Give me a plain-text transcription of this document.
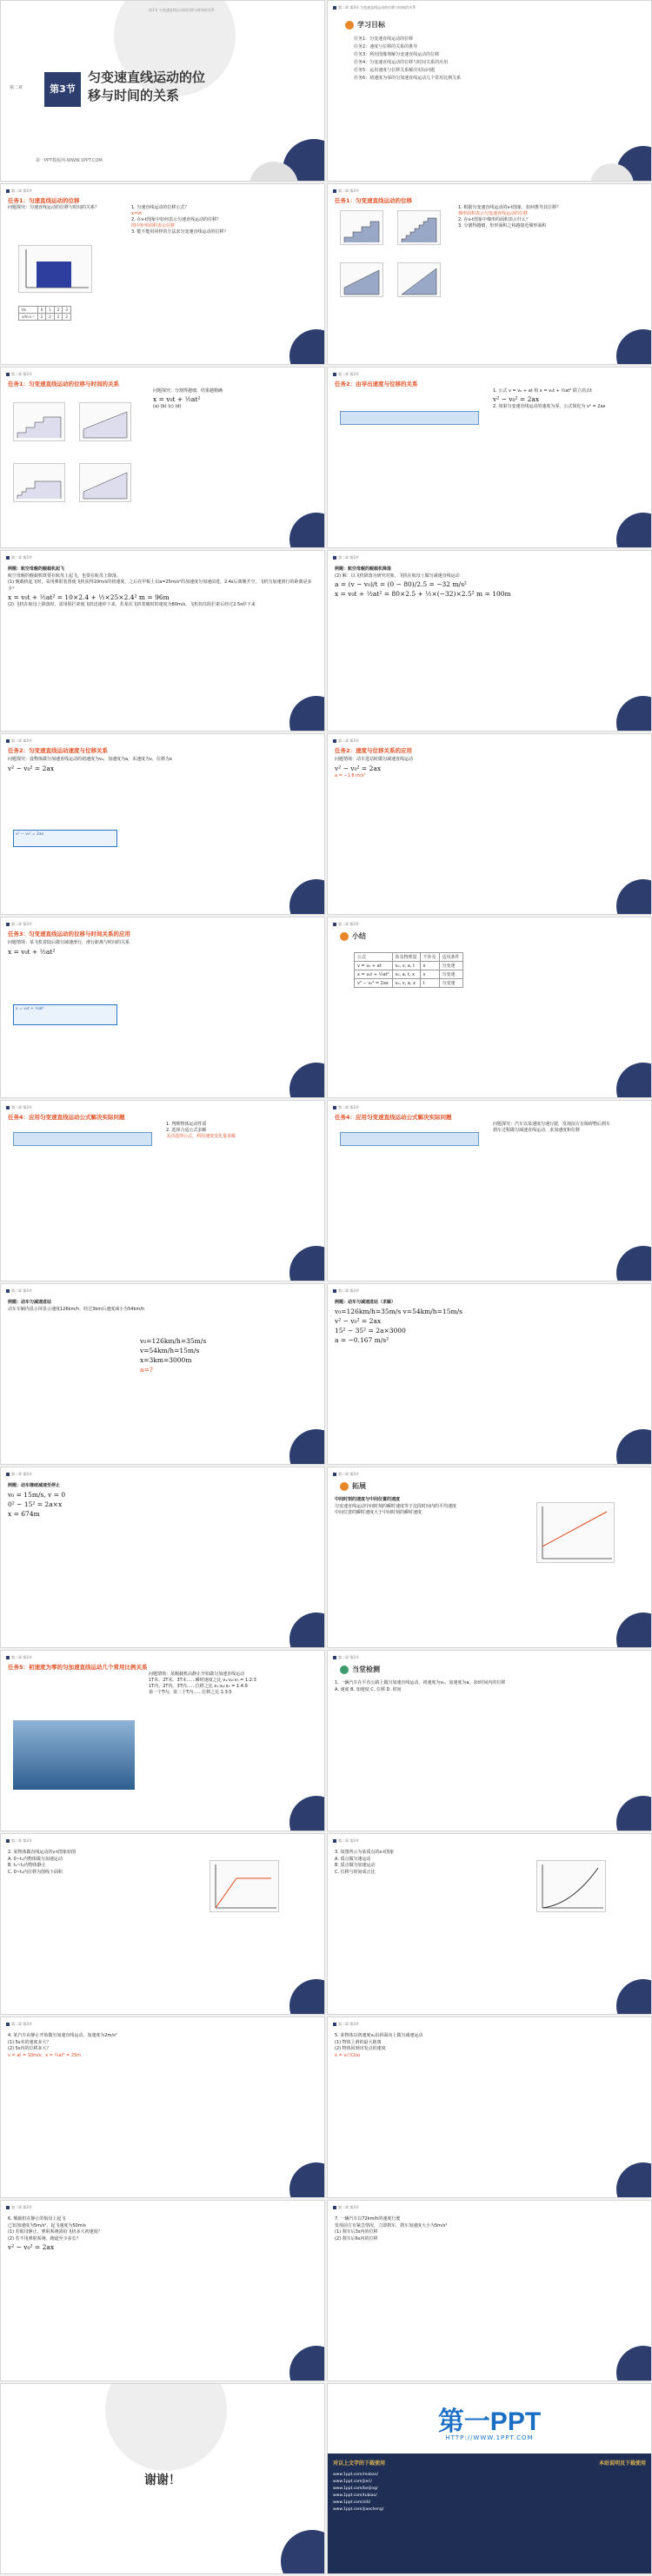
第3节
第二章
匀变速直线运动的位
移与时间的关系
第一PPT模板网-WWW.1PPT.COM
第1节 匀变速直线运动的位移与时间的关系
第二章 第3节 匀变速直线运动的位移与时间的关系
学习目标
任务1：匀变速直线运动的位移
任务2：速度与位移的关系的推导
任务3：利用图像理解匀变速直线运动的位移
任务4：匀变速直线运动的位移与时间关系的应用
任务5：运用速度与位移关系解决实际问题
任务6：初速度为零的匀加速直线运动几个常用比例关系
第二章 第3节
任务1：匀速直线运动的位移
问题探究：匀速直线运动的位移与时间的关系？
t/s	0	1	2	3
v/m·s⁻¹	2	2	2	2
1. 匀速直线运动的位移公式？
x=vt
2. 在v-t图象中如何表示匀速直线运动的位移？
图中矩形面积表示位移
3. 能不能用同样的方法求匀变速直线运动的位移？
第二章 第3节
任务1：匀变速直线运动的位移
1. 根据匀变速直线运动的v-t图象，如何推导其位移？
梯形面积表示匀变速直线运动的位移
2. 在v-t图象中梯形的面积表示什么？
3. 分割得越细，矩形面积之和越接近梯形面积
第二章 第3节
任务1：匀变速直线运动的位移与时间的关系
问题探究：分割得越细，结果越精确
x = v₀t + ½at²
(a) (b) (c) (d)
第二章 第3节
任务2：由导出速度与位移的关系
1. 公式 v = v₀ + at 和 x = v₀t + ½at² 联立消去t
v² − v₀² = 2ax
2. 如果匀变速直线运动的速度为零，公式简化为 v² = 2ax
第二章 第3节
例题：航空母舰的舰载机起飞
航空母舰的舰载机既要在航母上起飞，也要在航母上降落。
(1) 舰载机起飞时，采用弹射装置使飞机获得10m/s的初速度，之后在甲板上以a=25m/s²的加速度匀加速前进，2.4s后离舰升空，飞机匀加速滑行的距离是多少？
x = v₀t + ½at² = 10×2.4 + ½×25×2.4² m = 96m
(2) 飞机在航母上降落时，需用阻拦索使飞机迅速停下来，若某次飞机着舰时的速度为80m/s，飞机钩住阻拦索后经过2.5s停下来
第二章 第3节
例题：航空母舰的舰载机降落
(2) 解：以飞机降落为研究对象，飞机在航母上做匀减速直线运动
a = (v − v₀)/t = (0 − 80)/2.5 = −32 m/s²
x = v₀t + ½at² = 80×2.5 + ½×(−32)×2.5² m = 100m
第二章 第3节
任务2：匀变速直线运动速度与位移关系
问题探究：设物体做匀加速直线运动的初速度为v₀，加速度为a，末速度为v，位移为x
v² − v₀² = 2ax
v² − v₀² = 2ax
第二章 第3节
任务2：速度与位移关系的应用
问题情境：动车进站时做匀减速直线运动
v² − v₀² = 2ax
a = −1.8 m/s²
第二章 第3节
任务3：匀变速直线运动的位移与时间关系的应用
问题情境：某飞机着陆后做匀减速滑行，滑行距离与时间的关系
x = v₀t + ½at²
x = v₀t + ½at²
第二章 第3节
小结
公式	涉及物理量	不涉及	适用条件
v = v₀ + at	v₀, v, a, t	x	匀变速
x = v₀t + ½at²	v₀, a, t, x	v	匀变速
v² − v₀² = 2ax	v₀, v, a, x	t	匀变速
第二章 第3节
任务4：应用匀变速直线运动公式解决实际问题
1. 判断物体运动性质
2. 选择合适公式求解
灵活选择公式，利用速度变化量求解
第二章 第3节
任务4：应用匀变速直线运动公式解决实际问题
问题探究：汽车以某速度匀速行驶，发现前方有障碍物后刹车
刹车过程做匀减速直线运动，求加速度和位移
第二章 第3节
例题：动车匀减速进站
动车车厢内显示屏显示速度126km/h，经过3km后速度减小为54km/h
v₀=126km/h=35m/s
v=54km/h=15m/s
x=3km=3000m
a=?
第二章 第3节
例题：动车匀减速进站（求解）
v₀=126km/h=35m/s v=54km/h=15m/s
v² − v₀² = 2ax
15² − 35² = 2a×3000
a = −0.167 m/s²
第二章 第3节
例题：动车继续减速至停止
v₀ = 15m/s, v = 0
0² − 15² = 2a×x
x = 674m
第二章 第3节
拓展
中间时刻的速度与中间位置的速度
匀变速直线运动中间时刻的瞬时速度等于这段时间内的平均速度
中间位置的瞬时速度大于中间时刻的瞬时速度
第二章 第3节
任务5：初速度为零的匀加速直线运动几个常用比例关系
问题情境：某舰载机由静止开始做匀加速直线运动
1T末、2T末、3T末……瞬时速度之比 v₁:v₂:v₃ = 1:2:3
1T内、2T内、3T内……位移之比 x₁:x₂:x₃ = 1:4:9
第一个T内、第二个T内……位移之比 1:3:5
第二章 第3节
当堂检测
1. 一辆汽车在平直公路上做匀加速直线运动，初速度为v₀，加速度为a，求t时间内的位移
A. 速度 B. 加速度 C. 位移 D. 时间
第二章 第3节
2. 某物体做直线运动的v-t图象如图
A. 0~t₁内物体做匀加速运动
B. t₁~t₂内物体静止
C. 0~t₂内位移为图线下面积
第二章 第3节
3. 如图所示为某质点的x-t图象
A. 质点做匀速运动
B. 质点做匀加速运动
C. 位移与时间成正比
第二章 第3节
4. 某汽车由静止开始做匀加速直线运动，加速度为2m/s²
(1) 5s末的速度多大？
(2) 5s内的位移多大？
v = at = 10m/s，x = ½at² = 25m
第二章 第3节
5. 某物体以初速度v₀沿斜面向上做匀减速运动
(1) 物体上滑的最大距离
(2) 物体回到出发点的速度
x = v₀²/(2a)
第二章 第3节
6. 舰载机在静止的航母上起飞
已知加速度为5m/s²，起飞速度为50m/s
(1) 若航母静止，弹射系统需给飞机多大初速度？
(2) 若不用弹射系统，跑道至少多长？
v² − v₀² = 2ax
第二章 第3节
7. 一辆汽车以72km/h的速度行驶
发现前方有紧急情况，立即刹车，刹车加速度大小为5m/s²
(1) 刹车后3s内的位移
(2) 刹车后6s内的位移
谢谢！
第一PPT
HTTP://WWW.1PPT.COM
对以上文字的下载使用	本站说明及下载使用
www.1ppt.com/moban/
www.1ppt.com/jieri/
www.1ppt.com/beijing/
www.1ppt.com/tubiao/
www.1ppt.com/ziti/
www.1ppt.com/jiaocheng/
